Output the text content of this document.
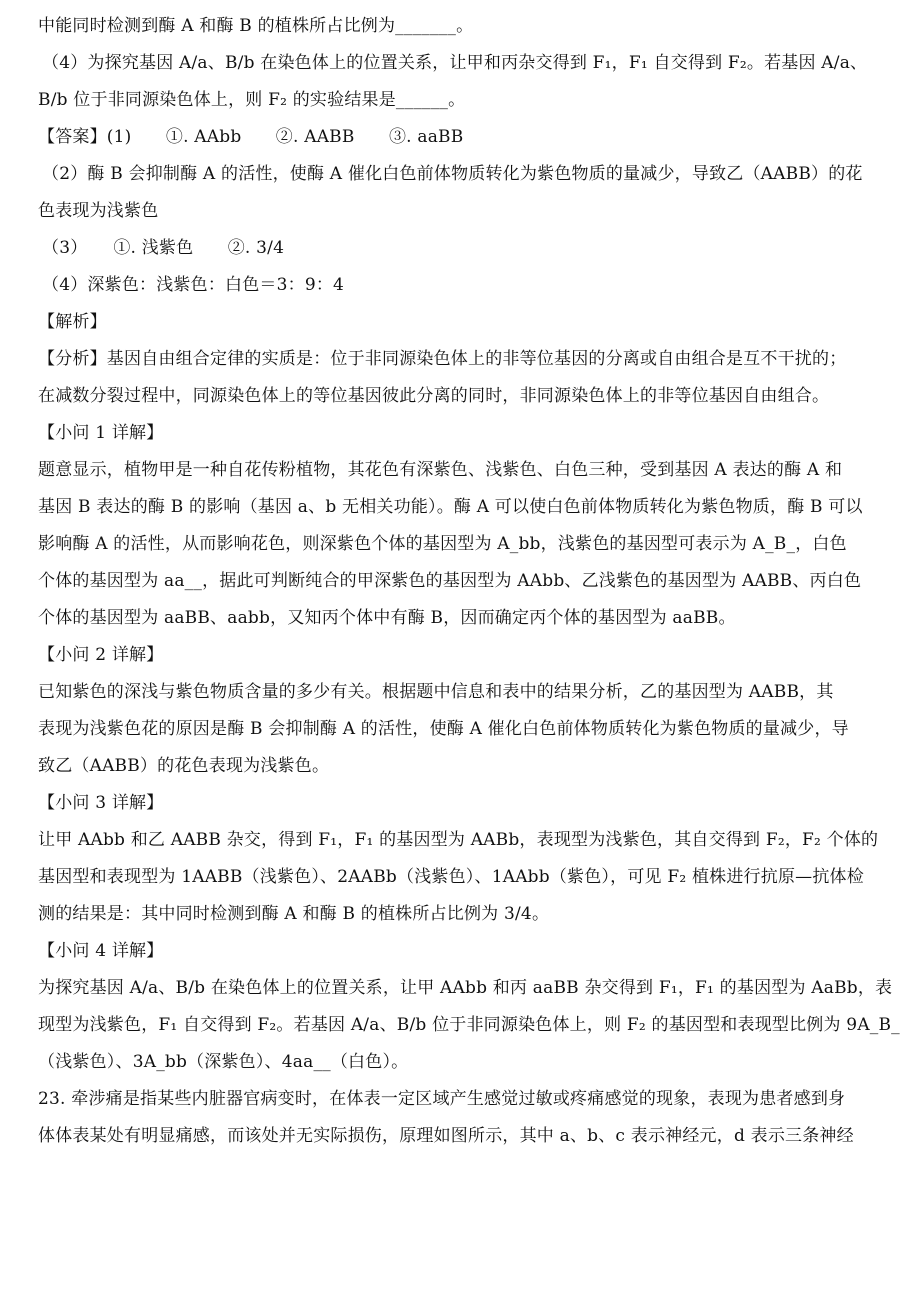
中能同时检测到酶 A 和酶 B 的植株所占比例为_______。
（4）为探究基因 A/a、B/b 在染色体上的位置关系，让甲和丙杂交得到 F₁，F₁ 自交得到 F₂。若基因 A/a、
B/b 位于非同源染色体上，则 F₂ 的实验结果是______。
【答案】(1)　　①. AAbb　　②. AABB　　③. aaBB
（2）酶 B 会抑制酶 A 的活性，使酶 A 催化白色前体物质转化为紫色物质的量减少，导致乙（AABB）的花
色表现为浅紫色
（3）　　①. 浅紫色　　②. 3/4
（4）深紫色：浅紫色：白色＝3：9：4
【解析】
【分析】基因自由组合定律的实质是：位于非同源染色体上的非等位基因的分离或自由组合是互不干扰的；
在减数分裂过程中，同源染色体上的等位基因彼此分离的同时，非同源染色体上的非等位基因自由组合。
【小问 1 详解】
题意显示，植物甲是一种自花传粉植物，其花色有深紫色、浅紫色、白色三种，受到基因 A 表达的酶 A 和
基因 B 表达的酶 B 的影响（基因 a、b 无相关功能）。酶 A 可以使白色前体物质转化为紫色物质，酶 B 可以
影响酶 A 的活性，从而影响花色，则深紫色个体的基因型为 A_bb，浅紫色的基因型可表示为 A_B_，白色
个体的基因型为 aa__，据此可判断纯合的甲深紫色的基因型为 AAbb、乙浅紫色的基因型为 AABB、丙白色
个体的基因型为 aaBB、aabb，又知丙个体中有酶 B，因而确定丙个体的基因型为 aaBB。
【小问 2 详解】
已知紫色的深浅与紫色物质含量的多少有关。根据题中信息和表中的结果分析，乙的基因型为 AABB，其
表现为浅紫色花的原因是酶 B 会抑制酶 A 的活性，使酶 A 催化白色前体物质转化为紫色物质的量减少，导
致乙（AABB）的花色表现为浅紫色。
【小问 3 详解】
让甲 AAbb 和乙 AABB 杂交，得到 F₁，F₁ 的基因型为 AABb，表现型为浅紫色，其自交得到 F₂，F₂ 个体的
基因型和表现型为 1AABB（浅紫色）、2AABb（浅紫色）、1AAbb（紫色），可见 F₂ 植株进行抗原—抗体检
测的结果是：其中同时检测到酶 A 和酶 B 的植株所占比例为 3/4。
【小问 4 详解】
为探究基因 A/a、B/b 在染色体上的位置关系，让甲 AAbb 和丙 aaBB 杂交得到 F₁，F₁ 的基因型为 AaBb，表
现型为浅紫色，F₁ 自交得到 F₂。若基因 A/a、B/b 位于非同源染色体上，则 F₂ 的基因型和表现型比例为 9A_B_
（浅紫色）、3A_bb（深紫色）、4aa__（白色）。
23. 牵涉痛是指某些内脏器官病变时，在体表一定区域产生感觉过敏或疼痛感觉的现象，表现为患者感到身
体体表某处有明显痛感，而该处并无实际损伤，原理如图所示，其中 a、b、c 表示神经元，d 表示三条神经
